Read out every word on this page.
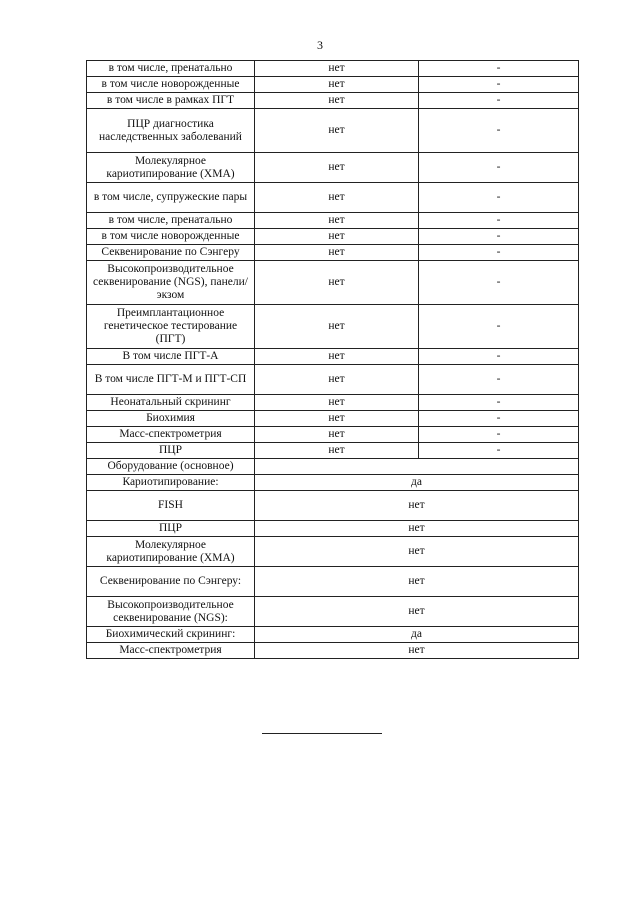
3
в том числе, пренатально	нет	-
в том числе новорожденные	нет	-
в том числе в рамках ПГТ	нет	-
ПЦР диагностика наследственных заболеваний	нет	-
Молекулярное кариотипирование (ХМА)	нет	-
в том числе, супружеские пары	нет	-
в том числе, пренатально	нет	-
в том числе новорожденные	нет	-
Секвенирование по Сэнгеру	нет	-
Высокопроизводительное секвенирование (NGS), панели/экзом	нет	-
Преимплантационное генетическое тестирование (ПГТ)	нет	-
В том числе ПГТ-А	нет	-
В том числе ПГТ-М и ПГТ-СП	нет	-
Неонатальный скрининг	нет	-
Биохимия	нет	-
Масс-спектрометрия	нет	-
ПЦР	нет	-
Оборудование (основное)		
Кариотипирование:	да	
FISH	нет	
ПЦР	нет	
Молекулярное кариотипирование (ХМА)	нет	
Секвенирование по Сэнгеру:	нет	
Высокопроизводительное секвенирование (NGS):	нет	
Биохимический скрининг:	да	
Масс-спектрометрия	нет	
